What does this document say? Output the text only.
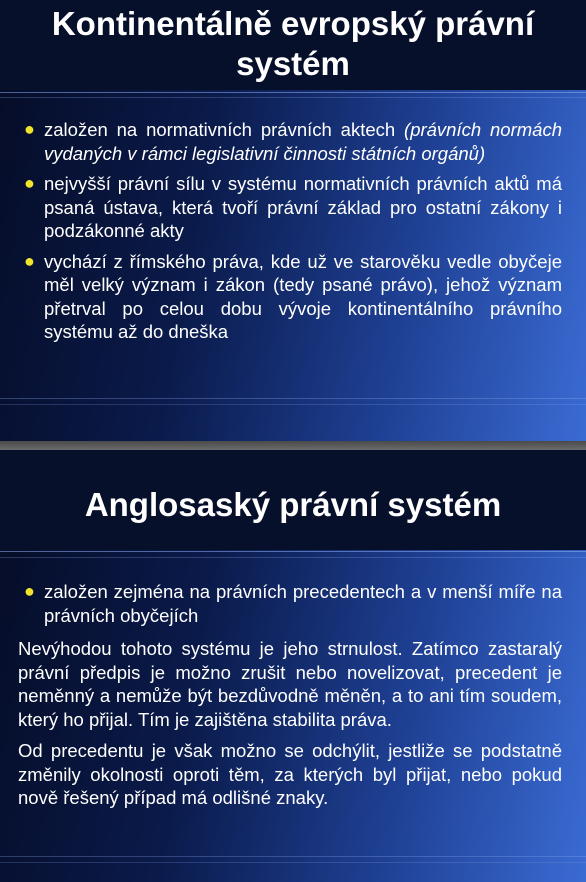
Kontinentálně evropský právní systém
● založen na normativních právních aktech (právních normách vydaných v rámci legislativní činnosti státních orgánů)
● nejvyšší právní sílu v systému normativních právních aktů má psaná ústava, která tvoří právní základ pro ostatní zákony i podzákonné akty
● vychází z římského práva, kde už ve starověku vedle obyčeje měl velký význam i zákon (tedy psané právo), jehož význam přetrval po celou dobu vývoje kontinentálního právního systému až do dneška
Anglosaský právní systém
● založen zejména na právních precedentech a v menší míře na právních obyčejích

Nevýhodou tohoto systému je jeho strnulost. Zatímco zastaralý právní předpis je možno zrušit nebo novelizovat, precedent je neměnný a nemůže být bezdůvodně měněn, a to ani tím soudem, který ho přijal. Tím je zajištěna stabilita práva.

Od precedentu je však možno se odchýlit, jestliže se podstatně změnily okolnosti oproti těm, za kterých byl přijat, nebo pokud nově řešený případ má odlišné znaky.
